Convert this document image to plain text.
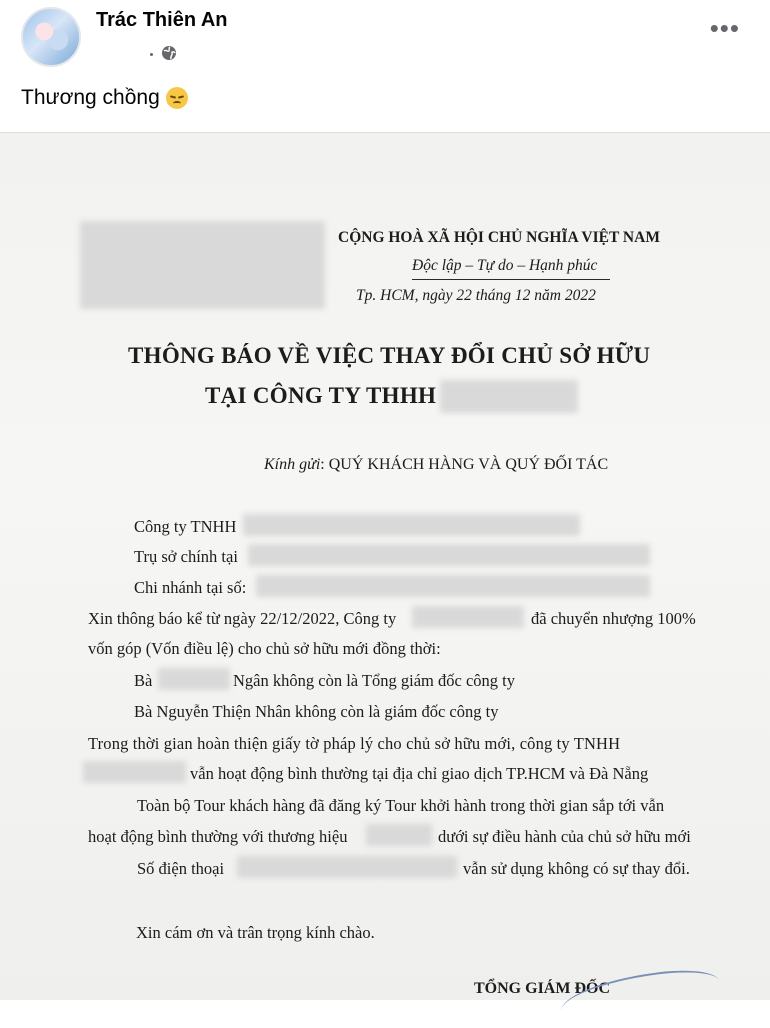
Trác Thiên An	•••
Thương chồng
CỘNG HOÀ XÃ HỘI CHỦ NGHĨA VIỆT NAM
Độc lập – Tự do – Hạnh phúc
Tp. HCM, ngày 22 tháng 12 năm 2022
THÔNG BÁO VỀ VIỆC THAY ĐỔI CHỦ SỞ HỮU
TẠI CÔNG TY THHH
Kính gửi: QUÝ KHÁCH HÀNG VÀ QUÝ ĐỐI TÁC
Công ty TNHH
Trụ sở chính tại
Chi nhánh tại số:
Xin thông báo kể từ ngày 22/12/2022, Công ty	đã chuyển nhượng 100%
vốn góp (Vốn điều lệ) cho chủ sở hữu mới đồng thời:
Bà	Ngân không còn là Tổng giám đốc công ty
Bà Nguyễn Thiện Nhân không còn là giám đốc công ty
Trong thời gian hoàn thiện giấy tờ pháp lý cho chủ sở hữu mới, công ty TNHH
vẫn hoạt động bình thường tại địa chỉ giao dịch TP.HCM và Đà Nẵng
Toàn bộ Tour khách hàng đã đăng ký Tour khởi hành trong thời gian sắp tới vẫn
hoạt động bình thường với thương hiệu	dưới sự điều hành của chủ sở hữu mới
Số điện thoại	vẫn sử dụng không có sự thay đổi.
Xin cám ơn và trân trọng kính chào.
TỔNG GIÁM ĐỐC
